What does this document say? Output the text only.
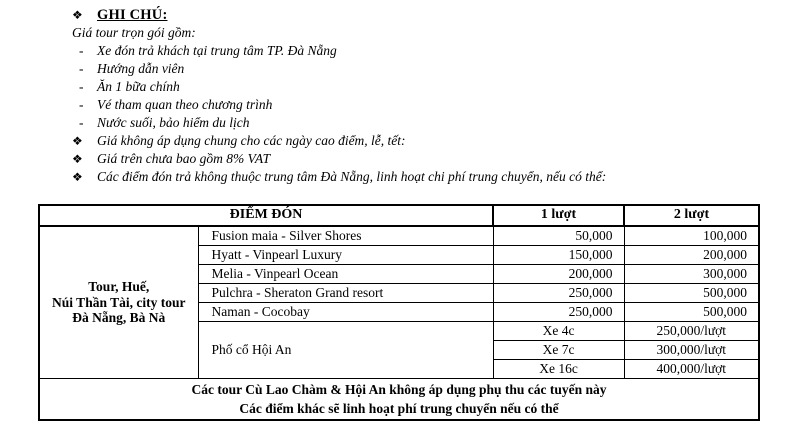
❖ GHI CHÚ:
Giá tour trọn gói gồm:
-	Xe đón trả khách tại trung tâm TP. Đà Nẵng
-	Hướng dẫn viên
-	Ăn 1 bữa chính
-	Vé tham quan theo chương trình
-	Nước suối, bảo hiểm du lịch
❖	Giá không áp dụng chung cho các ngày cao điểm, lễ, tết:
❖	Giá trên chưa bao gồm 8% VAT
❖	Các điểm đón trả không thuộc trung tâm Đà Nẵng, linh hoạt chi phí trung chuyển, nếu có thể:
ĐIỂM ĐÓN		1 lượt	2 lượt

Tour, Huế,
Núi Thần Tài, city tour
Đà Nẵng, Bà Nà	Fusion maia - Silver Shores	50,000	100,000
	Hyatt - Vinpearl Luxury	150,000	200,000
	Melia - Vinpearl Ocean	200,000	300,000
	Pulchra - Sheraton Grand resort	250,000	500,000
	Naman - Cocobay	250,000	500,000
	Phố cổ Hội An	Xe 4c	250,000/lượt
		Xe 7c	300,000/lượt
		Xe 16c	400,000/lượt

Các tour Cù Lao Chàm & Hội An không áp dụng phụ thu các tuyến này
Các điểm khác sẽ linh hoạt phí trung chuyển nếu có thể			
